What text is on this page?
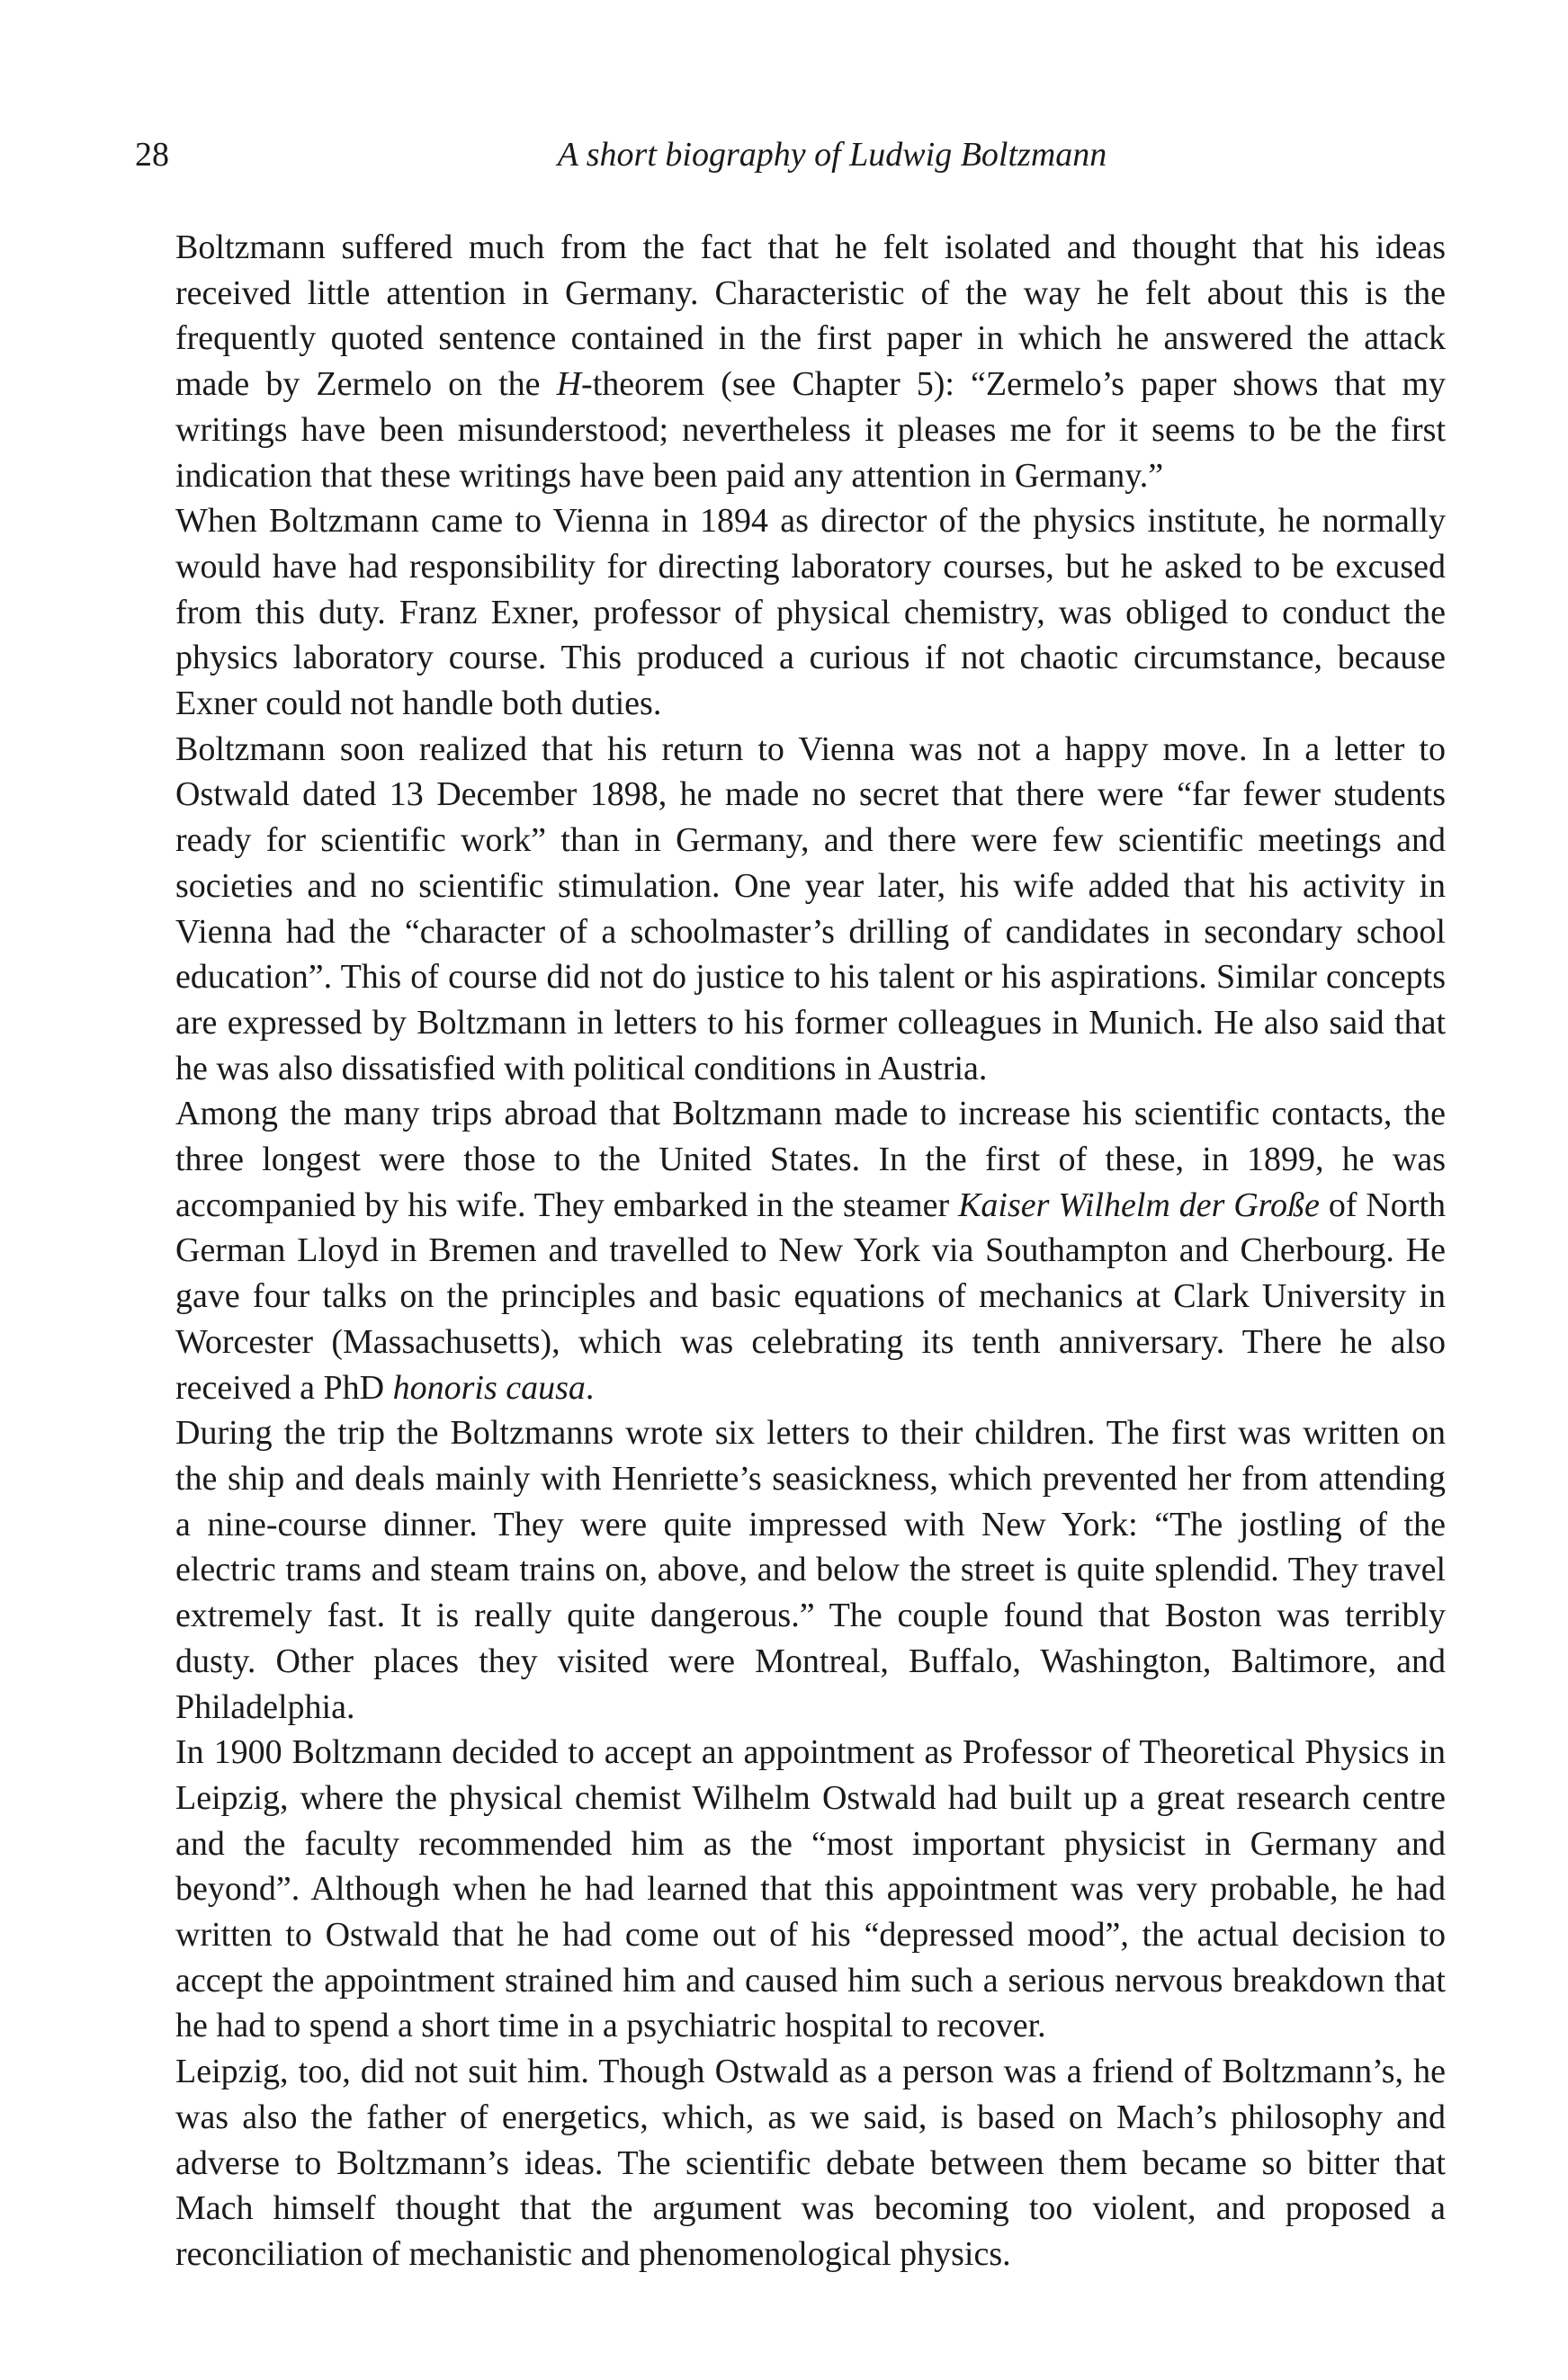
28	A short biography of Ludwig Boltzmann

Boltzmann suffered much from the fact that he felt isolated and thought that his ideas received little attention in Germany. Characteristic of the way he felt about this is the frequently quoted sentence contained in the first paper in which he answered the attack made by Zermelo on the H-theorem (see Chapter 5): “Zermelo’s paper shows that my writings have been misunderstood; nevertheless it pleases me for it seems to be the first indication that these writings have been paid any attention in Germany.”

When Boltzmann came to Vienna in 1894 as director of the physics institute, he normally would have had responsibility for directing laboratory courses, but he asked to be excused from this duty. Franz Exner, professor of physical chemistry, was obliged to conduct the physics laboratory course. This produced a curious if not chaotic circumstance, because Exner could not handle both duties.

Boltzmann soon realized that his return to Vienna was not a happy move. In a letter to Ostwald dated 13 December 1898, he made no secret that there were “far fewer students ready for scientific work” than in Germany, and there were few scientific meetings and societies and no scientific stimulation. One year later, his wife added that his activity in Vienna had the “character of a schoolmaster’s drilling of candidates in secondary school education”. This of course did not do justice to his talent or his aspirations. Similar concepts are expressed by Boltzmann in letters to his former colleagues in Munich. He also said that he was also dissatisfied with political conditions in Austria.

Among the many trips abroad that Boltzmann made to increase his scientific contacts, the three longest were those to the United States. In the first of these, in 1899, he was accompanied by his wife. They embarked in the steamer Kaiser Wilhelm der Große of North German Lloyd in Bremen and travelled to New York via Southampton and Cherbourg. He gave four talks on the principles and basic equations of mechanics at Clark University in Worcester (Massachusetts), which was celebrating its tenth anniversary. There he also received a PhD honoris causa.

During the trip the Boltzmanns wrote six letters to their children. The first was written on the ship and deals mainly with Henriette’s seasickness, which prevented her from attending a nine-course dinner. They were quite impressed with New York: “The jostling of the electric trams and steam trains on, above, and below the street is quite splendid. They travel extremely fast. It is really quite dangerous.” The couple found that Boston was terribly dusty. Other places they visited were Montreal, Buffalo, Washington, Baltimore, and Philadelphia.

In 1900 Boltzmann decided to accept an appointment as Professor of Theoretical Physics in Leipzig, where the physical chemist Wilhelm Ostwald had built up a great research centre and the faculty recommended him as the “most important physicist in Germany and beyond”. Although when he had learned that this appointment was very probable, he had written to Ostwald that he had come out of his “depressed mood”, the actual decision to accept the appointment strained him and caused him such a serious nervous breakdown that he had to spend a short time in a psychiatric hospital to recover.

Leipzig, too, did not suit him. Though Ostwald as a person was a friend of Boltzmann’s, he was also the father of energetics, which, as we said, is based on Mach’s philosophy and adverse to Boltzmann’s ideas. The scientific debate between them became so bitter that Mach himself thought that the argument was becoming too violent, and proposed a reconciliation of mechanistic and phenomenological physics.
